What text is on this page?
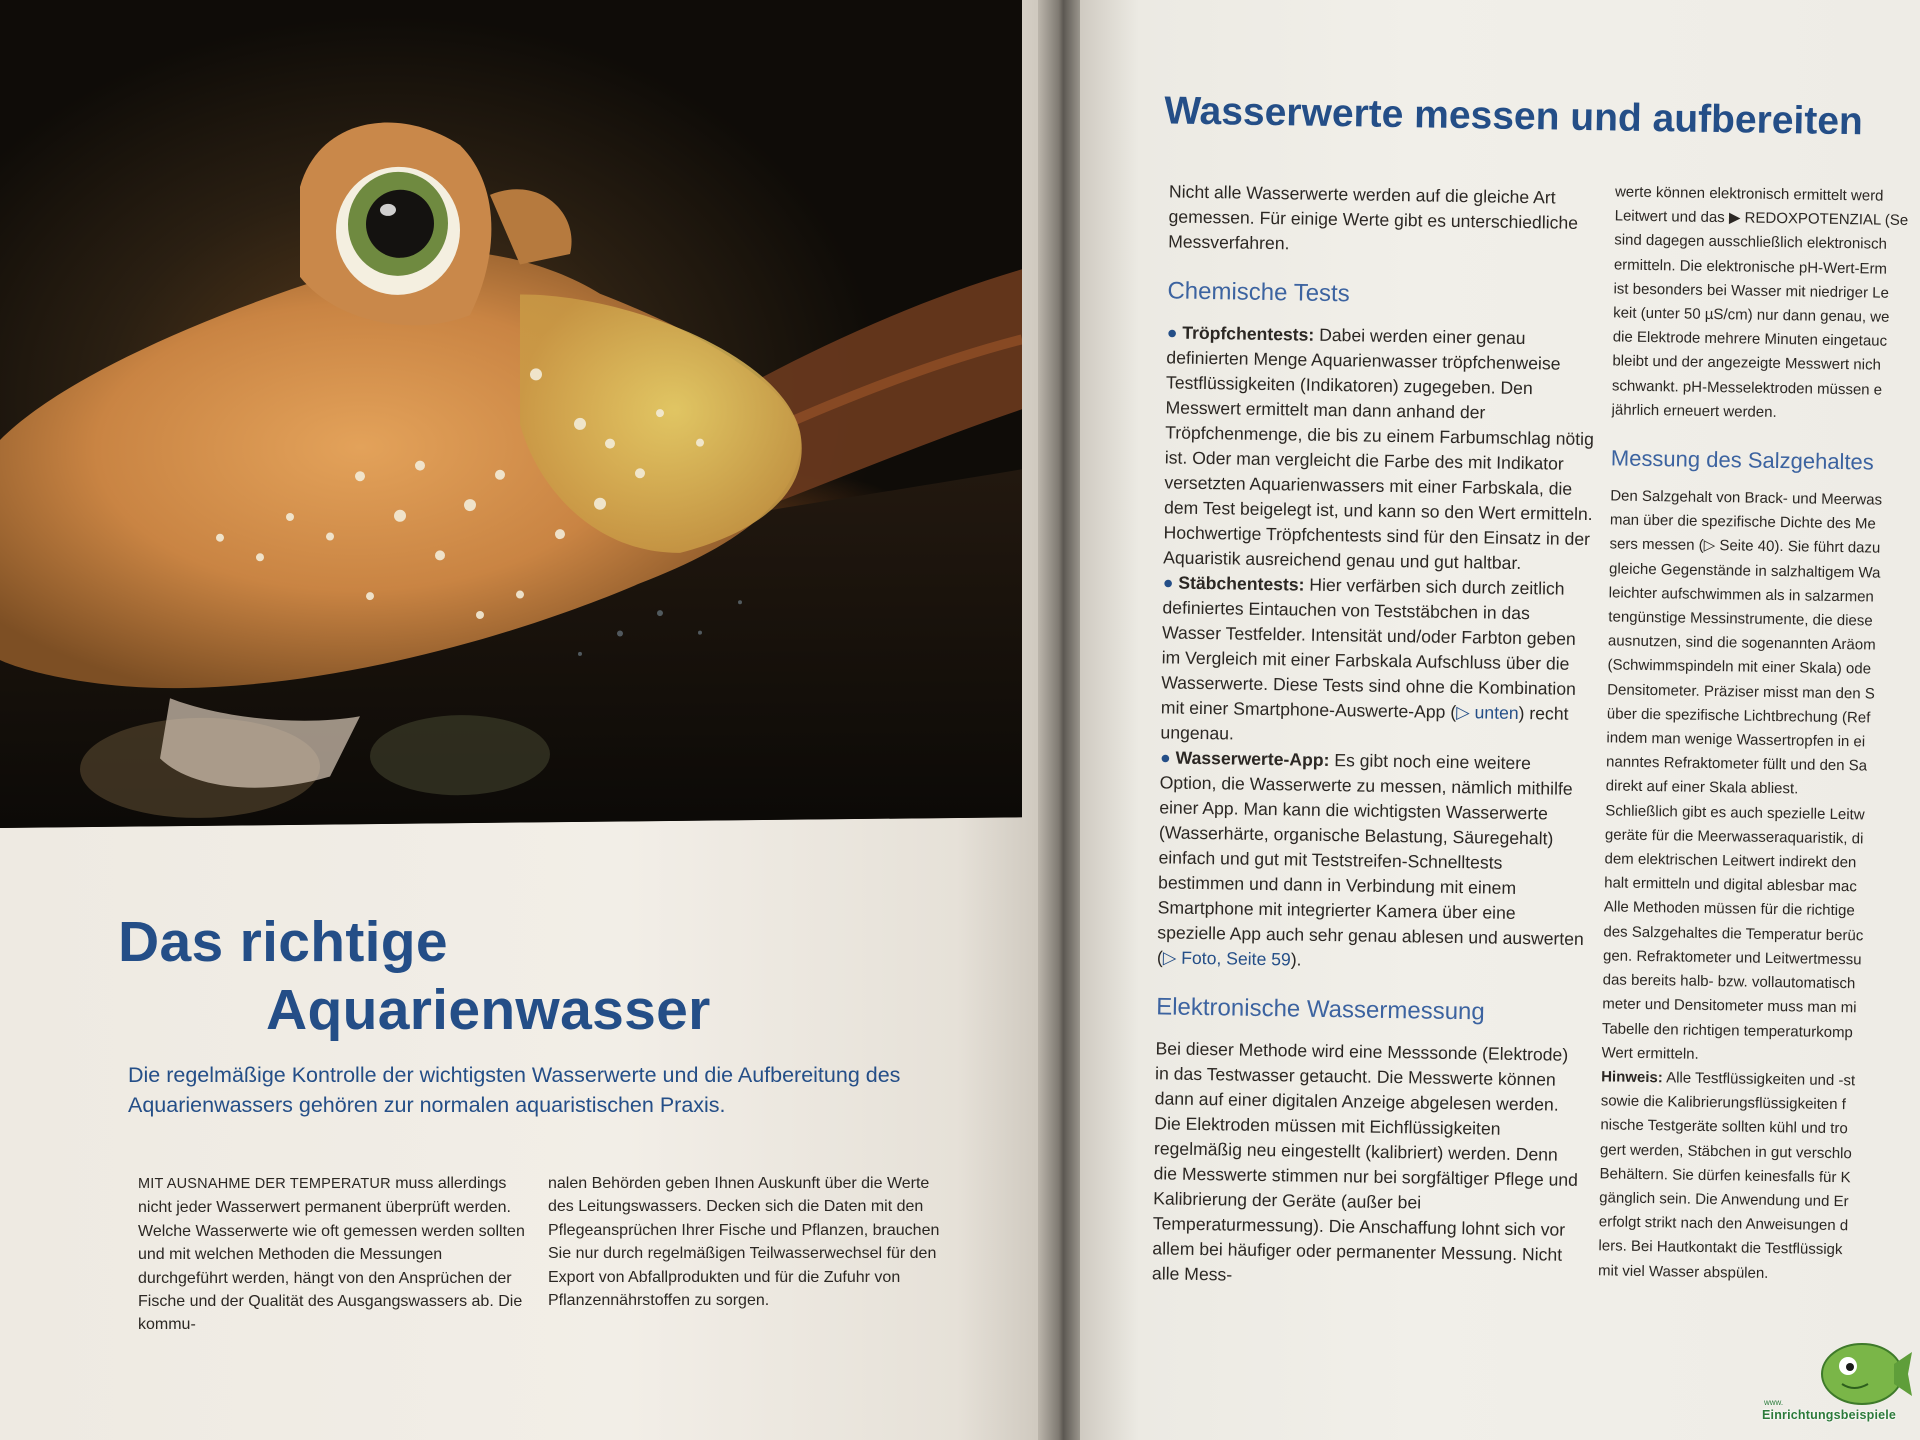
Das richtige
Aquarienwasser

Die regelmäßige Kontrolle der wichtigsten Wasserwerte und die Aufbereitung des Aquarienwassers gehören zur normalen aquaristischen Praxis.

MIT AUSNAHME DER TEMPERATUR muss allerdings nicht jeder Wasserwert permanent überprüft werden. Welche Wasserwerte wie oft gemessen werden sollten und mit welchen Methoden die Messungen durchgeführt werden, hängt von den Ansprüchen der Fische und der Qualität des Ausgangswassers ab. Die kommu-
nalen Behörden geben Ihnen Auskunft über die Werte des Leitungswassers. Decken sich die Daten mit den Pflegeansprüchen Ihrer Fische und Pflanzen, brauchen Sie nur durch regelmäßigen Teilwasserwechsel für den Export von Abfallprodukten und für die Zufuhr von Pflanzennährstoffen zu sorgen.
Wasserwerte messen und aufbereiten

Nicht alle Wasserwerte werden auf die gleiche Art gemessen. Für einige Werte gibt es unterschiedliche Messverfahren.

Chemische Tests

● Tröpfchentests: Dabei werden einer genau definierten Menge Aquarienwasser tröpfchenweise Testflüssigkeiten (Indikatoren) zugegeben. Den Messwert ermittelt man dann anhand der Tröpfchenmenge, die bis zu einem Farbumschlag nötig ist. Oder man vergleicht die Farbe des mit Indikator versetzten Aquarienwassers mit einer Farbskala, die dem Test beigelegt ist, und kann so den Wert ermitteln. Hochwertige Tröpfchentests sind für den Einsatz in der Aquaristik ausreichend genau und gut haltbar.

● Stäbchentests: Hier verfärben sich durch zeitlich definiertes Eintauchen von Teststäbchen in das Wasser Testfelder. Intensität und/oder Farbton geben im Vergleich mit einer Farbskala Aufschluss über die Wasserwerte. Diese Tests sind ohne die Kombination mit einer Smartphone-Auswerte-App (▷ unten) recht ungenau.

● Wasserwerte-App: Es gibt noch eine weitere Option, die Wasserwerte zu messen, nämlich mithilfe einer App. Man kann die wichtigsten Wasserwerte (Wasserhärte, organische Belastung, Säuregehalt) einfach und gut mit Teststreifen-Schnelltests bestimmen und dann in Verbindung mit einem Smartphone mit integrierter Kamera über eine spezielle App auch sehr genau ablesen und auswerten (▷ Foto, Seite 59).

Elektronische Wassermessung

Bei dieser Methode wird eine Messsonde (Elektrode) in das Testwasser getaucht. Die Messwerte können dann auf einer digitalen Anzeige abgelesen werden. Die Elektroden müssen mit Eichflüssigkeiten regelmäßig neu eingestellt (kalibriert) werden. Denn die Messwerte stimmen nur bei sorgfältiger Pflege und Kalibrierung der Geräte (außer bei Temperaturmessung). Die Anschaffung lohnt sich vor allem bei häufiger oder permanenter Messung. Nicht alle Mess-

werte können elektronisch ermittelt werd
Leitwert und das ▶ REDOXPOTENZIAL (Se
sind dagegen ausschließlich elektronisch
ermitteln. Die elektronische pH-Wert-Erm
ist besonders bei Wasser mit niedriger Le
keit (unter 50 µS/cm) nur dann genau, we
die Elektrode mehrere Minuten eingetauc
bleibt und der angezeigte Messwert nich
schwankt. pH-Messelektroden müssen e
jährlich erneuert werden.
Messung des Salzgehaltes
Den Salzgehalt von Brack- und Meerwas
man über die spezifische Dichte des Me
sers messen (▷ Seite 40). Sie führt dazu
gleiche Gegenstände in salzhaltigem Wa
leichter aufschwimmen als in salzarmen
tengünstige Messinstrumente, die diese
ausnutzen, sind die sogenannten Aräom
(Schwimmspindeln mit einer Skala) ode
Densitometer. Präziser misst man den S
über die spezifische Lichtbrechung (Ref
indem man wenige Wassertropfen in ei
nanntes Refraktometer füllt und den Sa
direkt auf einer Skala abliest.
Schließlich gibt es auch spezielle Leitw
geräte für die Meerwasseraquaristik, di
dem elektrischen Leitwert indirekt den
halt ermitteln und digital ablesbar mac
Alle Methoden müssen für die richtige
des Salzgehaltes die Temperatur berüc
gen. Refraktometer und Leitwertmessu
das bereits halb- bzw. vollautomatisch
meter und Densitometer muss man mi
Tabelle den richtigen temperaturkomp
Wert ermitteln.
Hinweis: Alle Testflüssigkeiten und -st
sowie die Kalibrierungsflüssigkeiten f
nische Testgeräte sollten kühl und tro
gert werden, Stäbchen in gut verschlo
Behältern. Sie dürfen keinesfalls für K
gänglich sein. Die Anwendung und Er
erfolgt strikt nach den Anweisungen d
lers. Bei Hautkontakt die Testflüssigk
mit viel Wasser abspülen.
www.
Einrichtungsbeispiele
